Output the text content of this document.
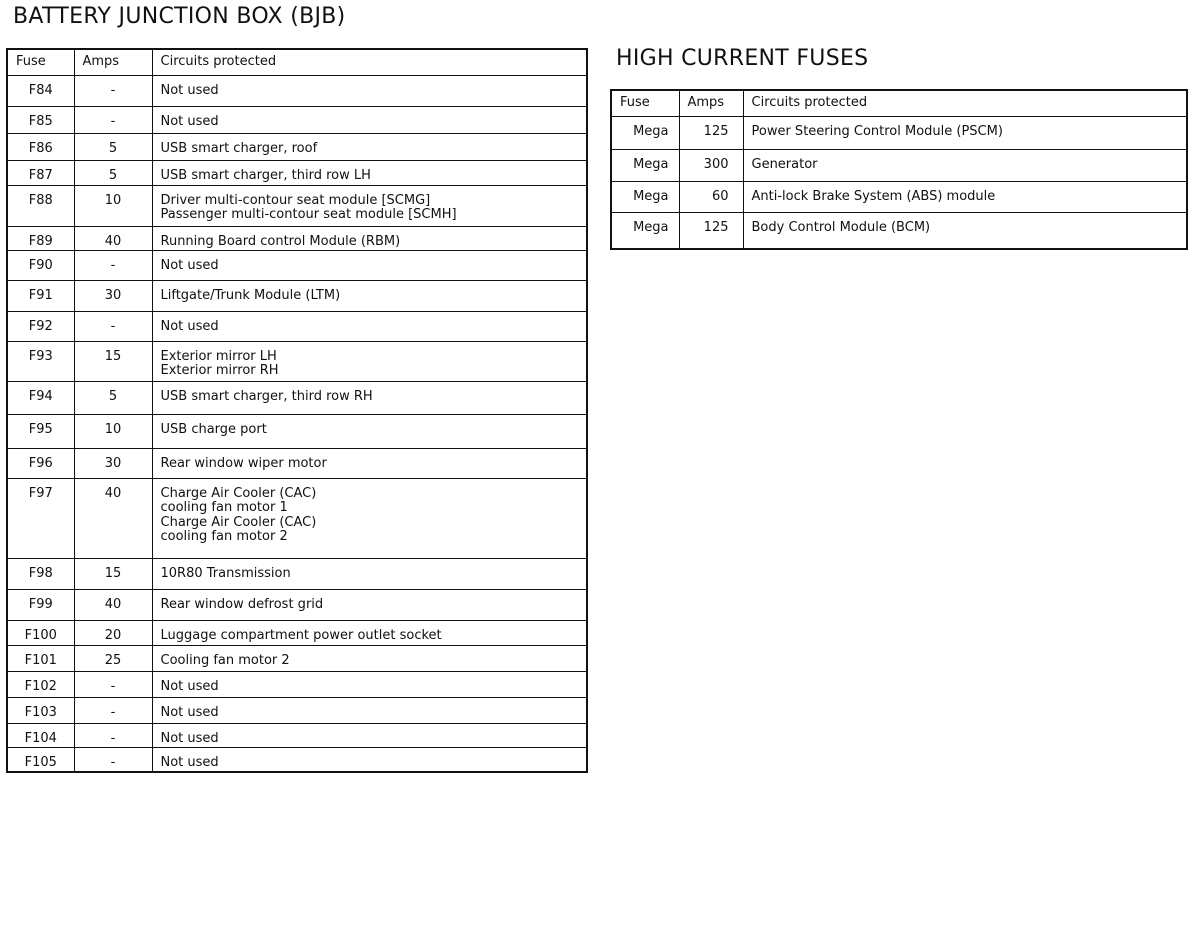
BATTERY JUNCTION BOX (BJB)
Fuse	Amps	Circuits protected
F84	-	Not used
F85	-	Not used
F86	5	USB smart charger, roof
F87	5	USB smart charger, third row LH
F88	10	Driver multi-contour seat module [SCMG]
Passenger multi-contour seat module [SCMH]
F89	40	Running Board control Module (RBM)
F90	-	Not used
F91	30	Liftgate/Trunk Module (LTM)
F92	-	Not used
F93	15	Exterior mirror LH
Exterior mirror RH
F94	5	USB smart charger, third row RH
F95	10	USB charge port
F96	30	Rear window wiper motor
F97	40	Charge Air Cooler (CAC)
cooling fan motor 1
Charge Air Cooler (CAC)
cooling fan motor 2
F98	15	10R80 Transmission
F99	40	Rear window defrost grid
F100	20	Luggage compartment power outlet socket
F101	25	Cooling fan motor 2
F102	-	Not used
F103	-	Not used
F104	-	Not used
F105	-	Not used
HIGH CURRENT FUSES
Fuse	Amps	Circuits protected
Mega	125	Power Steering Control Module (PSCM)
Mega	300	Generator
Mega	60	Anti-lock Brake System (ABS) module
Mega	125	Body Control Module (BCM)
